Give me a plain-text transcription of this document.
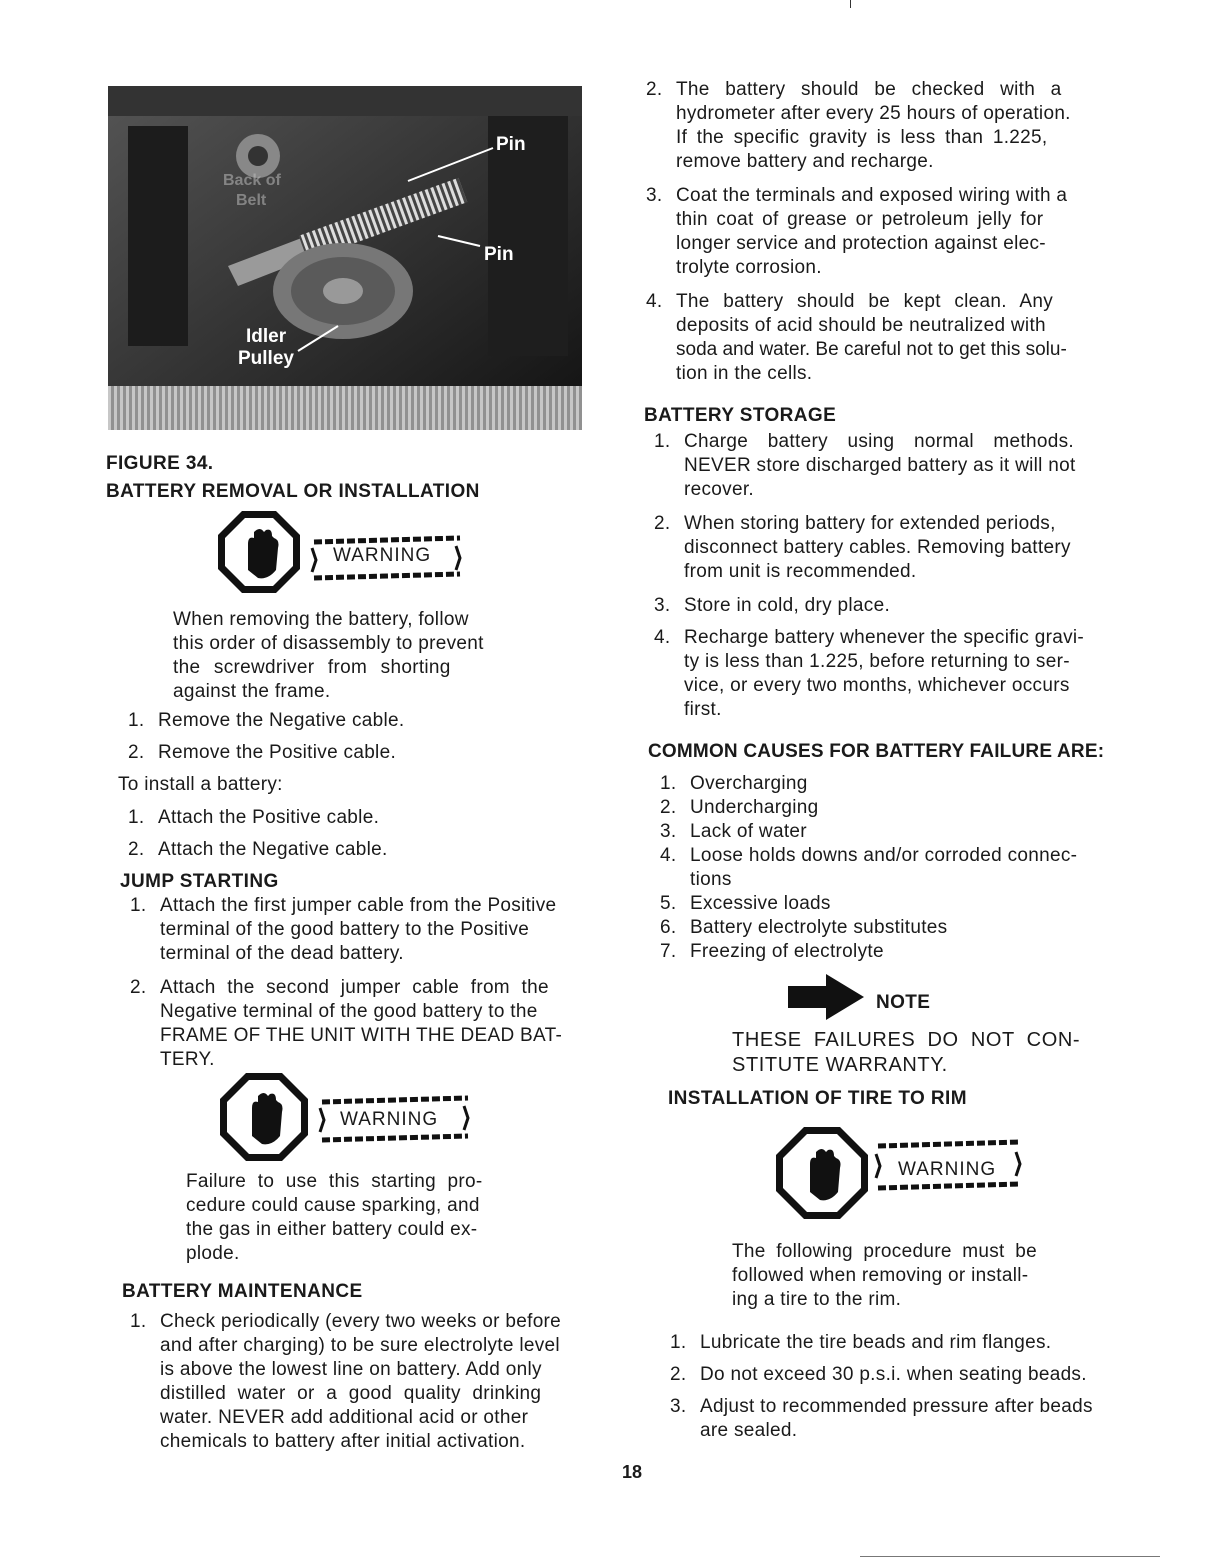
Pin
Pin
Idler
Pulley
Back of
Belt
FIGURE 34.
BATTERY REMOVAL OR INSTALLATION
WARNING
When removing the battery, follow
this order of disassembly to prevent
the screwdriver from shorting
against the frame.
1. Remove the Negative cable.
2. Remove the Positive cable.
To install a battery:
1. Attach the Positive cable.
2. Attach the Negative cable.
JUMP STARTING
1. Attach the first jumper cable from the Positive
terminal of the good battery to the Positive
terminal of the dead battery.
2. Attach the second jumper cable from the
Negative terminal of the good battery to the
FRAME OF THE UNIT WITH THE DEAD BAT-
TERY.
WARNING
Failure to use this starting pro-
cedure could cause sparking, and
the gas in either battery could ex-
plode.
BATTERY MAINTENANCE
1. Check periodically (every two weeks or before
and after charging) to be sure electrolyte level
is above the lowest line on battery. Add only
distilled water or a good quality drinking
water. NEVER add additional acid or other
chemicals to battery after initial activation.
2. The battery should be checked with a
hydrometer after every 25 hours of operation.
If the specific gravity is less than 1.225,
remove battery and recharge.
3. Coat the terminals and exposed wiring with a
thin coat of grease or petroleum jelly for
longer service and protection against elec-
trolyte corrosion.
4. The battery should be kept clean. Any
deposits of acid should be neutralized with
soda and water. Be careful not to get this solu-
tion in the cells.
BATTERY STORAGE
1. Charge battery using normal methods.
NEVER store discharged battery as it will not
recover.
2. When storing battery for extended periods,
disconnect battery cables. Removing battery
from unit is recommended.
3. Store in cold, dry place.
4. Recharge battery whenever the specific gravi-
ty is less than 1.225, before returning to ser-
vice, or every two months, whichever occurs
first.
COMMON CAUSES FOR BATTERY FAILURE ARE:
1. Overcharging
2. Undercharging
3. Lack of water
4. Loose holds downs and/or corroded connec-
tions
5. Excessive loads
6. Battery electrolyte substitutes
7. Freezing of electrolyte
NOTE
THESE FAILURES DO NOT CON-
STITUTE WARRANTY.
INSTALLATION OF TIRE TO RIM
WARNING
The following procedure must be
followed when removing or install-
ing a tire to the rim.
1. Lubricate the tire beads and rim flanges.
2. Do not exceed 30 p.s.i. when seating beads.
3. Adjust to recommended pressure after beads
are sealed.
18
